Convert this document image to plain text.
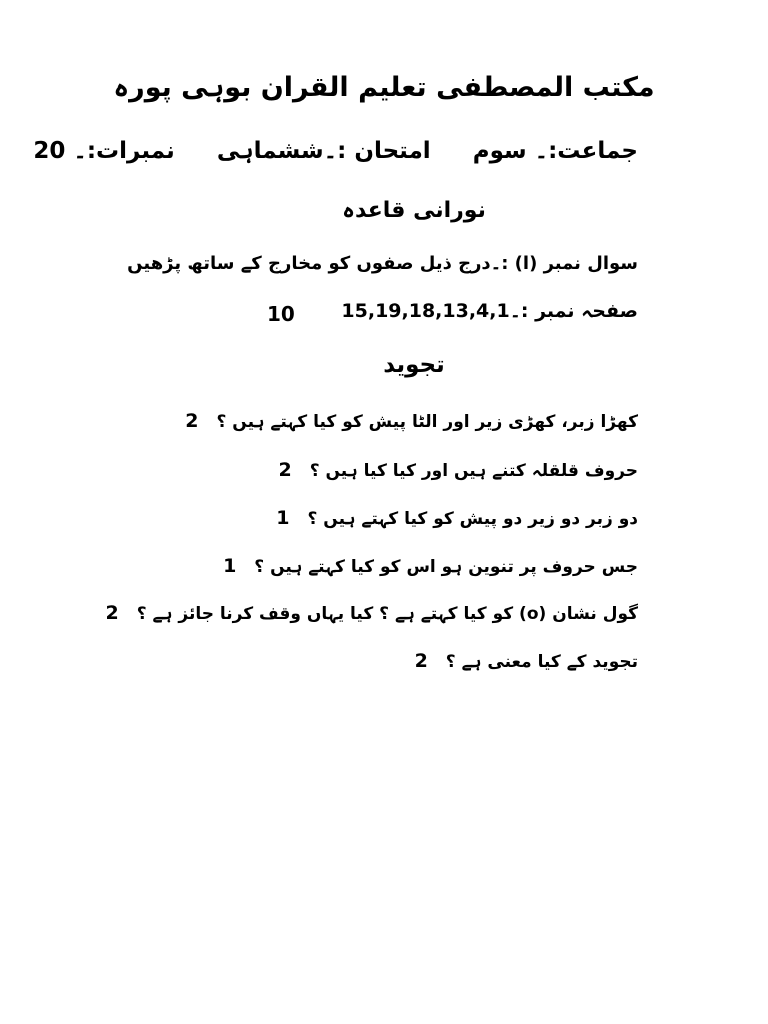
مکتب المصطفی تعلیم القران بوہی پورہ
جماعت:۔ سوم امتحان :۔ششماہی نمبرات:۔ 20
نورانی قاعدہ
سوال نمبر (ا) :۔درج ذیل صفوں کو مخارج کے ساتھ پڑھیں
صفحہ نمبر :۔15,19,18,13,4,1
10
تجوید
کھڑا زبر، کھڑی زیر اور الٹا پیش کو کیا کہتے ہیں ؟2
حروف قلقلہ کتنے ہیں اور کیا کیا ہیں ؟2
دو زبر دو زیر دو پیش کو کیا کہتے ہیں ؟1
جس حروف پر تنوین ہو اس کو کیا کہتے ہیں ؟1
گول نشان (o) کو کیا کہتے ہے ؟ کیا یہاں وقف کرنا جائز ہے ؟2
تجوید کے کیا معنی ہے ؟2
